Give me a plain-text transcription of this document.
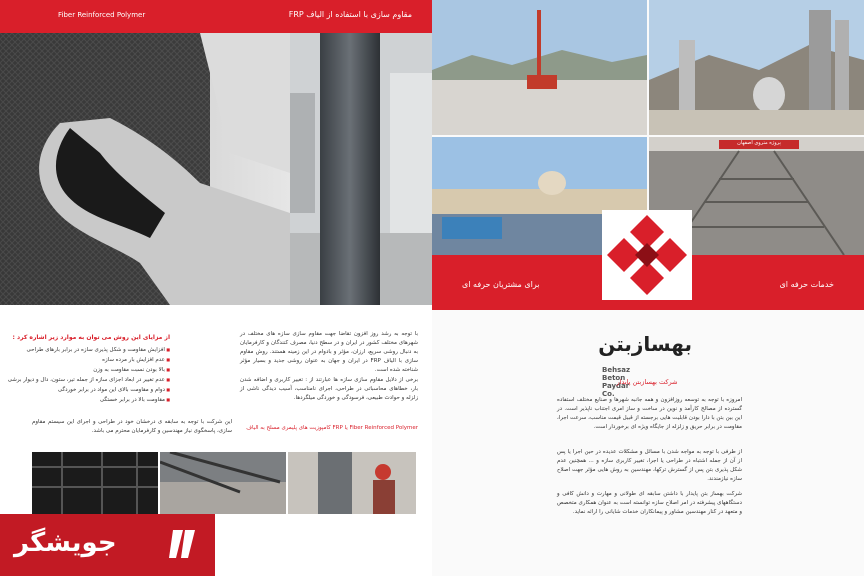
Fiber Reinforced Polymer	مقاوم سازی با استفاده از الیاف FRP
با توجه به رشد روز افزون تقاضا جهت مقاوم سازی سازه های مختلف در شهرهای مختلف کشور در ایران و در سطح دنیا، مصرف کنندگان و کارفرمایان به دنبال روشی سریع، ارزان، مؤثر و بادوام در این زمینه هستند. روش مقاوم سازی با الیاف FRP در ایران و جهان به عنوان روشی جدید و بسیار مؤثر شناخته شده است.
برخی از دلایل مقاوم سازی سازه ها عبارتند از : تغییر کاربری و اضافه شدن بار، خطاهای محاسباتی در طراحی، اجرای نامناسب، آسیب دیدگی ناشی از زلزله و حوادث طبیعی، فرسودگی و خوردگی میلگردها.
Fiber Reinforced Polymer یا FRP کامپوزیت های پلیمری مسلح به الیاف
از مزایای این روش می توان به موارد زیر اشاره کرد :
■ افزایش مقاومت و شکل پذیری سازه در برابر بارهای طراحی
■ عدم افزایش بار مرده سازه
■ بالا بودن نسبت مقاومت به وزن
■ عدم تغییر در ابعاد اجزای سازه از جمله تیر، ستون، دال و دیوار برشی
■ دوام و مقاومت بالای این مواد در برابر خوردگی
■ مقاومت بالا در برابر خستگی
این شرکت با توجه به سابقه ی درخشان خود در طراحی و اجرای این سیستم مقاوم سازی، پاسخگوی نیاز مهندسین و کارفرمایان محترم می باشد.
پروژه متروی اصفهان
برای مشتریان حرفه ای	خدمات حرفه ای
بهسازبتن
Behsaz Beton Paydar Co.
شرکت بهسازبتن پایدار
امروزه با توجه به توسعه روزافزون و همه جانبه شهرها و صنایع مختلف استفاده گسترده از مصالح کارآمد و نوین در ساخت و ساز امری اجتناب ناپذیر است. در این بین بتن با دارا بودن قابلیت هایی برجسته از قبیل قیمت مناسب، سرعت اجرا، مقاومت در برابر حریق و زلزله از جایگاه ویژه ای برخوردار است.
از طرفی با توجه به مواجه شدن با مسائل و مشکلات عدیده در حین اجرا یا پس از آن از جمله اشتباه در طراحی یا اجرا، تغییر کاربری سازه و ... همچنین عدم شکل پذیری بتن پس از گسترش ترکها، مهندسین به روش هایی مؤثر جهت اصلاح سازه نیازمندند.
شرکت بهساز بتن پایدار با داشتن سابقه ای طولانی و مهارت و دانش کافی و دستگاههای پیشرفته در امر اصلاح سازه توانسته است به عنوان همکاری متخصص و متعهد در کنار مهندسین مشاور و پیمانکاران خدمات شایانی را ارائه نماید.
جویشگر
